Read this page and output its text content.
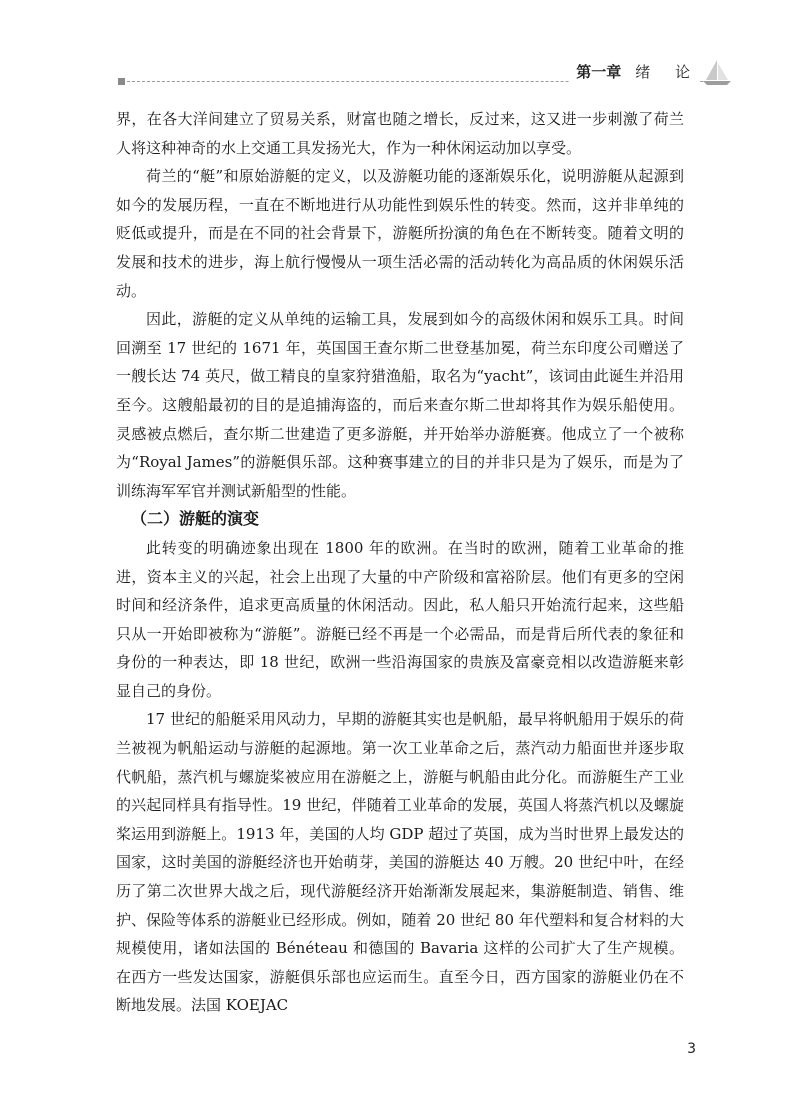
第一章 绪 论

界，在各大洋间建立了贸易关系，财富也随之增长，反过来，这又进一步刺激了荷兰人将这种神奇的水上交通工具发扬光大，作为一种休闲运动加以享受。

荷兰的“艇”和原始游艇的定义，以及游艇功能的逐渐娱乐化，说明游艇从起源到如今的发展历程，一直在不断地进行从功能性到娱乐性的转变。然而，这并非单纯的贬低或提升，而是在不同的社会背景下，游艇所扮演的角色在不断转变。随着文明的发展和技术的进步，海上航行慢慢从一项生活必需的活动转化为高品质的休闲娱乐活动。

因此，游艇的定义从单纯的运输工具，发展到如今的高级休闲和娱乐工具。时间回溯至 17 世纪的 1671 年，英国国王查尔斯二世登基加冕，荷兰东印度公司赠送了一艘长达 74 英尺，做工精良的皇家狩猎渔船，取名为“yacht”，该词由此诞生并沿用至今。这艘船最初的目的是追捕海盗的，而后来查尔斯二世却将其作为娱乐船使用。灵感被点燃后，查尔斯二世建造了更多游艇，并开始举办游艇赛。他成立了一个被称为“Royal James”的游艇俱乐部。这种赛事建立的目的并非只是为了娱乐，而是为了训练海军军官并测试新船型的性能。

（二）游艇的演变

此转变的明确迹象出现在 1800 年的欧洲。在当时的欧洲，随着工业革命的推进，资本主义的兴起，社会上出现了大量的中产阶级和富裕阶层。他们有更多的空闲时间和经济条件，追求更高质量的休闲活动。因此，私人船只开始流行起来，这些船只从一开始即被称为“游艇”。游艇已经不再是一个必需品，而是背后所代表的象征和身份的一种表达，即 18 世纪，欧洲一些沿海国家的贵族及富豪竞相以改造游艇来彰显自己的身份。

17 世纪的船艇采用风动力，早期的游艇其实也是帆船，最早将帆船用于娱乐的荷兰被视为帆船运动与游艇的起源地。第一次工业革命之后，蒸汽动力船面世并逐步取代帆船，蒸汽机与螺旋桨被应用在游艇之上，游艇与帆船由此分化。而游艇生产工业的兴起同样具有指导性。19 世纪，伴随着工业革命的发展，英国人将蒸汽机以及螺旋桨运用到游艇上。1913 年，美国的人均 GDP 超过了英国，成为当时世界上最发达的国家，这时美国的游艇经济也开始萌芽，美国的游艇达 40 万艘。20 世纪中叶，在经历了第二次世界大战之后，现代游艇经济开始渐渐发展起来，集游艇制造、销售、维护、保险等体系的游艇业已经形成。例如，随着 20 世纪 80 年代塑料和复合材料的大规模使用，诸如法国的 Bénéteau 和德国的 Bavaria 这样的公司扩大了生产规模。在西方一些发达国家，游艇俱乐部也应运而生。直至今日，西方国家的游艇业仍在不断地发展。法国 KOEJAC

3
